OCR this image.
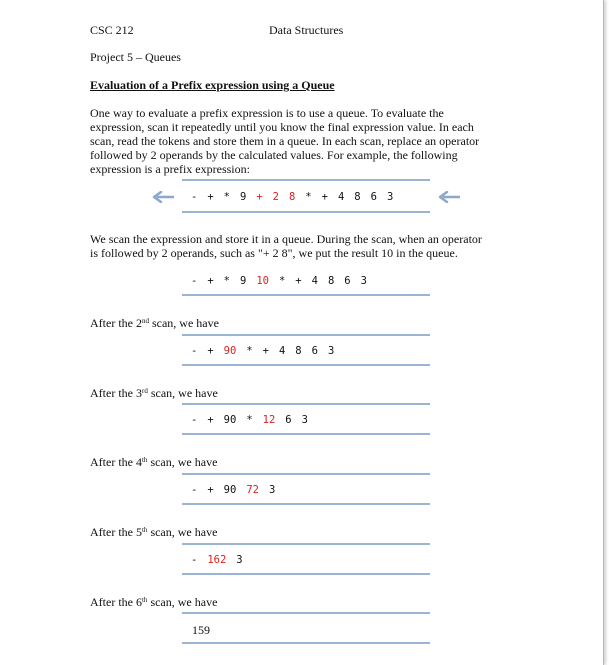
CSC 212	Data Structures
Project 5 – Queues
Evaluation of a Prefix expression using a Queue
One way to evaluate a prefix expression is to use a queue. To evaluate the
expression, scan it repeatedly until you know the final expression value. In each
scan, read the tokens and store them in a queue. In each scan, replace an operator
followed by 2 operands by the calculated values. For example, the following
expression is a prefix expression:
- + * 9 + 2 8 * + 4 8 6 3
We scan the expression and store it in a queue. During the scan, when an operator
is followed by 2 operands, such as "+ 2 8", we put the result 10 in the queue.
- + * 9 10 * + 4 8 6 3
After the 2nd scan, we have
- + 90 * + 4 8 6 3
After the 3rd scan, we have
- + 90 * 12 6 3
After the 4th scan, we have
- + 90 72 3
After the 5th scan, we have
- 162 3
After the 6th scan, we have
159
